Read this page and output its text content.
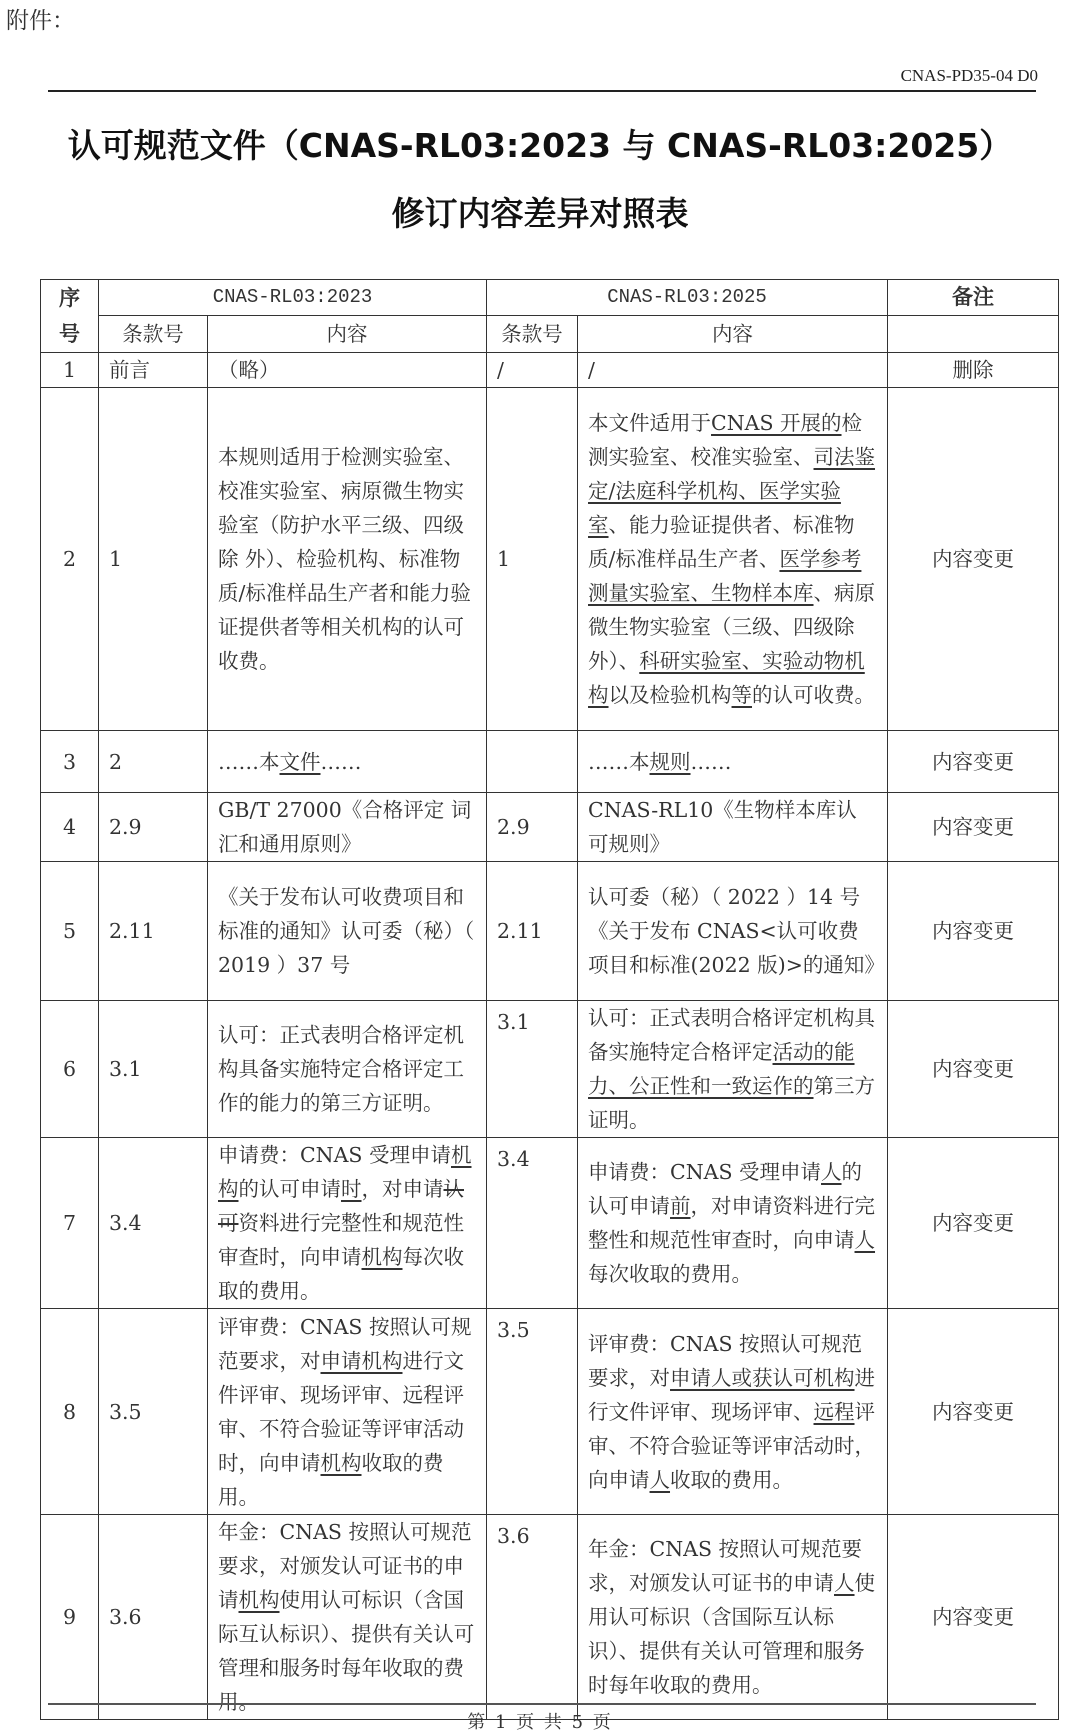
附件：
CNAS-PD35-04 D0
认可规范文件（CNAS-RL03:2023 与 CNAS-RL03:2025）
修订内容差异对照表
序
号	CNAS-RL03:2023		CNAS-RL03:2025		备注
	条款号	内容	条款号	内容	
1	前言	（略）	/	/	删除
2	1	本规则适用于检测实验室、校准实验室、病原微生物实验室（防护水平三级、四级除 外）、检验机构、标准物质/标准样品生产者和能力验证提供者等相关机构的认可收费。	1	本文件适用于CNAS 开展的检测实验室、校准实验室、司法鉴定/法庭科学机构、医学实验室、能力验证提供者、标准物质/标准样品生产者、医学参考测量实验室、生物样本库、病原微生物实验室（三级、四级除外）、科研实验室、实验动物机构以及检验机构等的认可收费。	内容变更
3	2	……本文件……		……本规则……	内容变更
4	2.9	GB/T 27000《合格评定 词汇和通用原则》	2.9	CNAS-RL10《生物样本库认可规则》	内容变更
5	2.11	《关于发布认可收费项目和标准的通知》认可委（秘）（ 2019 ）37 号	2.11	认可委（秘）（ 2022 ）14 号《关于发布 CNAS<认可收费项目和标准(2022 版)>的通知》	内容变更
6	3.1	认可：正式表明合格评定机构具备实施特定合格评定工作的能力的第三方证明。	3.1	认可：正式表明合格评定机构具备实施特定合格评定活动的能力、公正性和一致运作的第三方证明。	内容变更
7	3.4	申请费：CNAS 受理申请机构的认可申请时，对申请认可资料进行完整性和规范性审查时，向申请机构每次收取的费用。	3.4	申请费：CNAS 受理申请人的认可申请前，对申请资料进行完整性和规范性审查时，向申请人每次收取的费用。	内容变更
8	3.5	评审费：CNAS 按照认可规范要求，对申请机构进行文件评审、现场评审、远程评审、不符合验证等评审活动时，向申请机构收取的费用。	3.5	评审费：CNAS 按照认可规范要求，对申请人或获认可机构进行文件评审、现场评审、远程评审、不符合验证等评审活动时，向申请人收取的费用。	内容变更
9	3.6	年金：CNAS 按照认可规范要求，对颁发认可证书的申请机构使用认可标识（含国际互认标识）、提供有关认可管理和服务时每年收取的费用。	3.6	年金：CNAS 按照认可规范要求，对颁发认可证书的申请人使用认可标识（含国际互认标识）、提供有关认可管理和服务时每年收取的费用。	内容变更
第 1 页 共 5 页
